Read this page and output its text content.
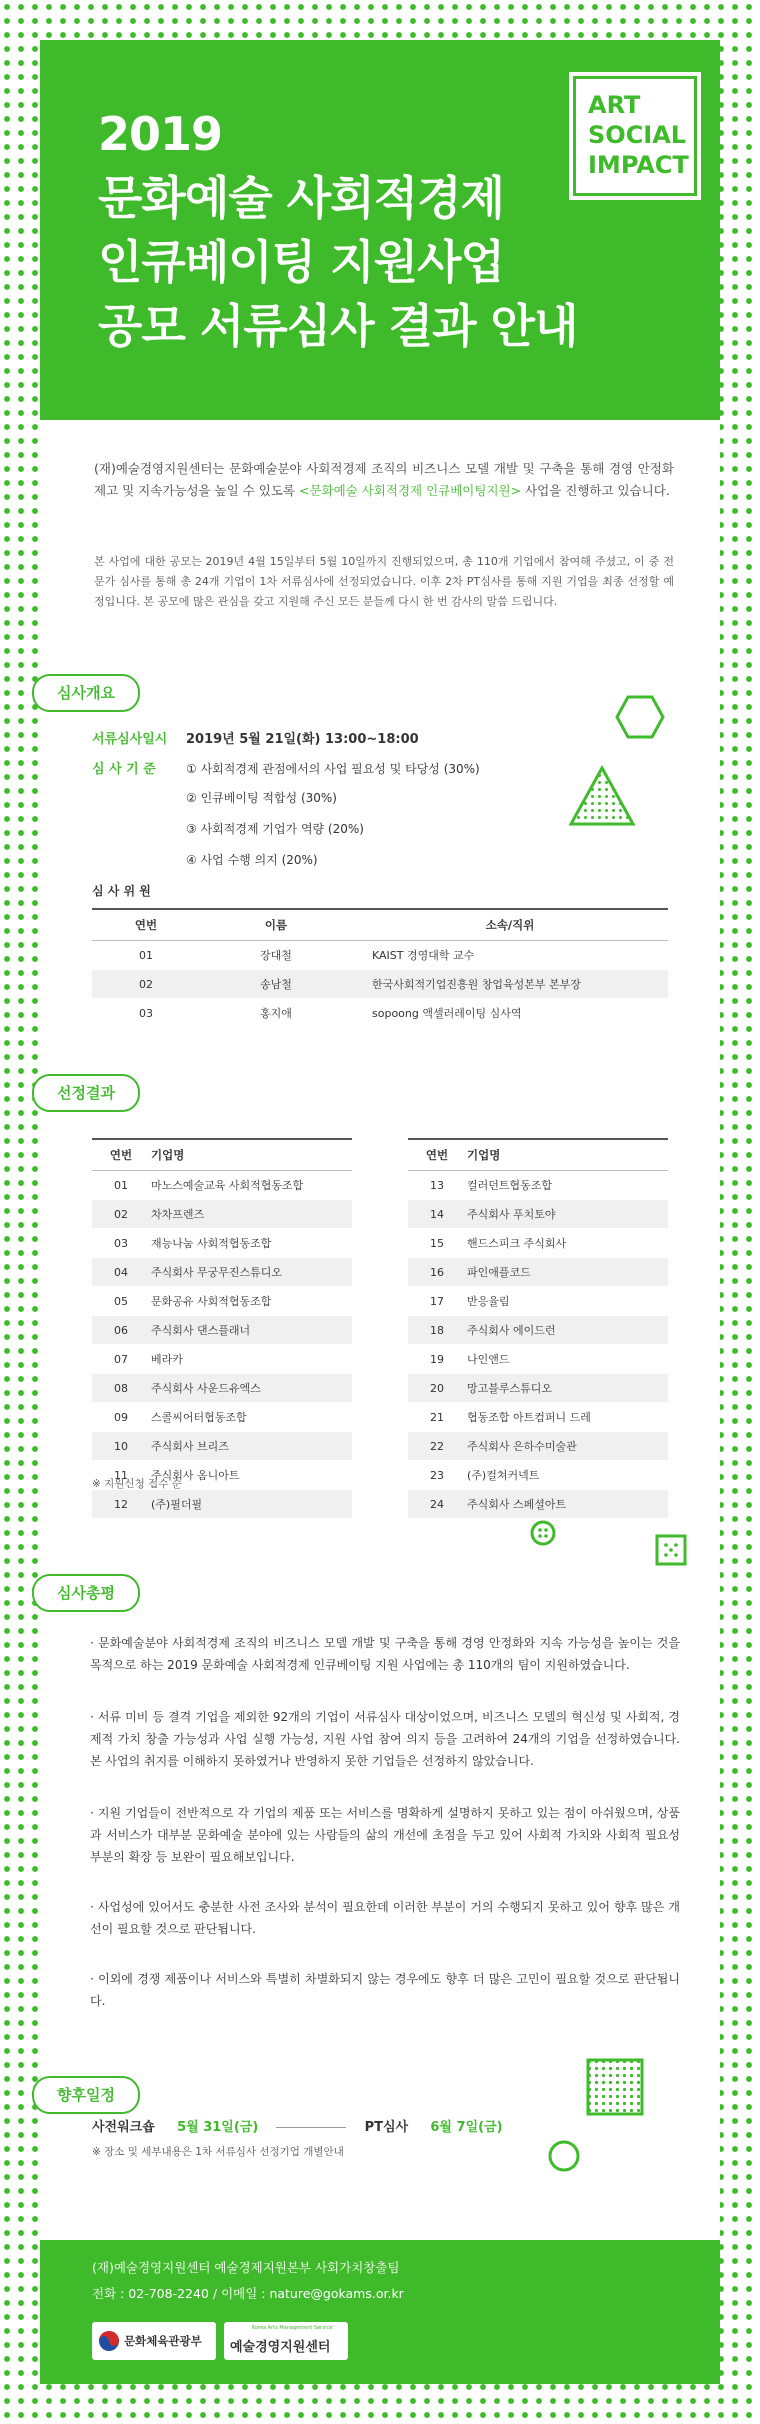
2019
문화예술 사회적경제
인큐베이팅 지원사업
공모 서류심사 결과 안내
ART
SOCIAL
IMPACT
(재)예술경영지원센터는 문화예술분야 사회적경제 조직의 비즈니스 모델 개발 및 구축을 통해 경영 안정화 제고 및 지속가능성을 높일 수 있도록 <문화예술 사회적경제 인큐베이팅지원> 사업을 진행하고 있습니다.
본 사업에 대한 공모는 2019년 4월 15일부터 5월 10일까지 진행되었으며, 총 110개 기업에서 참여해 주셨고, 이 중 전문가 심사를 통해 총 24개 기업이 1차 서류심사에 선정되었습니다. 이후 2차 PT심사를 통해 지원 기업을 최종 선정할 예정입니다. 본 공모에 많은 관심을 갖고 지원해 주신 모든 분들께 다시 한 번 감사의 말씀 드립니다.
심사개요
서류심사일시 2019년 5월 21일(화) 13:00~18:00
심 사 기 준	① 사회적경제 관점에서의 사업 필요성 및 타당성 (30%)
② 인큐베이팅 적합성 (30%)
③ 사회적경제 기업가 역량 (20%)
④ 사업 수행 의지 (20%)
심 사 위 원
연번	이름	소속/직위
01	장대철	KAIST 경영대학 교수
02	송남철	한국사회적기업진흥원 창업육성본부 본부장
03	홍지애	sopoong 액셀러레이팅 심사역
선정결과
연번	기업명
01	마노스예술교육 사회적협동조합
02	차차프렌즈
03	재능나눔 사회적협동조합
04	주식회사 무궁무진스튜디오
05	문화공유 사회적협동조합
06	주식회사 댄스플래너
07	베라카
08	주식회사 사운드유엑스
09	스콜씨어터협동조합
10	주식회사 브리즈
11	주식회사 옴니아트
12	(주)필더필
연번	기업명
13	컬러던트협동조합
14	주식회사 푸치토야
15	핸드스피크 주식회사
16	파인애플코드
17	반응율림
18	주식회사 에이드런
19	나인앤드
20	망고블루스튜디오
21	협동조합 아트컴퍼니 드레
22	주식회사 은하수미술관
23	(주)컬쳐커넥트
24	주식회사 스페셜아트
※ 지원신청 접수 순
심사총평
· 문화예술분야 사회적경제 조직의 비즈니스 모델 개발 및 구축을 통해 경영 안정화와 지속 가능성을 높이는 것을 목적으로 하는 2019 문화예술 사회적경제 인큐베이팅 지원 사업에는 총 110개의 팀이 지원하였습니다.
· 서류 미비 등 결격 기업을 제외한 92개의 기업이 서류심사 대상이었으며, 비즈니스 모델의 혁신성 및 사회적, 경제적 가치 창출 가능성과 사업 실행 가능성, 지원 사업 참여 의지 등을 고려하여 24개의 기업을 선정하였습니다. 본 사업의 취지를 이해하지 못하였거나 반영하지 못한 기업들은 선정하지 않았습니다.
· 지원 기업들이 전반적으로 각 기업의 제품 또는 서비스를 명확하게 설명하지 못하고 있는 점이 아쉬웠으며, 상품과 서비스가 대부분 문화예술 분야에 있는 사람들의 삶의 개선에 초점을 두고 있어 사회적 가치와 사회적 필요성 부분의 확장 등 보완이 필요해보입니다.
· 사업성에 있어서도 충분한 사전 조사와 분석이 필요한데 이러한 부분이 거의 수행되지 못하고 있어 향후 많은 개선이 필요할 것으로 판단됩니다.
· 이외에 경쟁 제품이나 서비스와 특별히 차별화되지 않는 경우에도 향후 더 많은 고민이 필요할 것으로 판단됩니다.
향후일정
사전워크숍 5월 31일(금)	PT심사 6월 7일(금)
※ 장소 및 세부내용은 1차 서류심사 선정기업 개별안내
(재)예술경영지원센터 예술경제지원본부 사회가치창출팀
전화 : 02-708-2240 / 이메일 : nature@gokams.or.kr
문화체육관광부
Korea Arts Management Service
예술경영지원센터
